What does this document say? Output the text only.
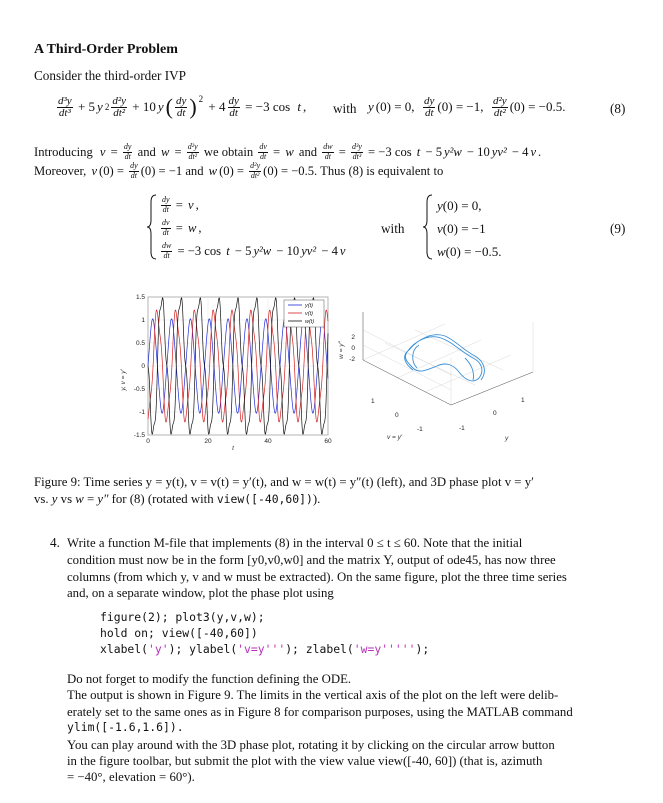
A Third-Order Problem
Consider the third-order IVP
$\frac{\text{d³y}}{\text{dt³}} + 5$ y $2 \frac{\text{d²y}}{\text{dt²}} + 10$ y ( $\frac{dy}{dt}$ ) $2 + 4 \frac{dy}{dt} = -3$ cos
t , with y (0) = 0, $\frac{dy}{dt} (0) = -1$, $\frac{\text{d²y}}{\text{dt²}} (0) = -0.5$.	(8)
Introducing
$v = \frac{dy}{dt}$ and $w = \frac{\text{d²y}}{\text{dt²}}$ we obtain $\frac{dv}{dt} = w$ and $\frac{dw}{dt} = \frac{\text{d³y}}{\text{dt³}} = -3$ cos t − 5 y²w − 10 yv² − 4 v .
Moreover, v $(0) = \frac{dy}{dt} (0) = -1$ and w $(0) = \frac{\text{d²y}}{\text{dt²}} (0) = -0.5$. Thus (8) is equivalent to
$\frac{dy}{dt} = v$ ,
$\frac{dv}{dt} = w$ ,
$\frac{dw}{dt} = -3$ cos t − 5 y²w − 10 yv² − 4 v
with
y(0) = 0,
v(0) = −1
w(0) = −0.5.
(9)
1.5
1
0.5
0
-0.5
-1
-1.5
0	20	40	60
y(t)
v(t)
w(t)
y, v = y′
t
2
0
-2
w = y″
1
0
-1
v = y′
-1
0
1
y
Figure 9: Time series y = y(t), v = v(t) = y′(t), and w = w(t) = y″(t) (left), and 3D phase plot v = y′
vs. y vs w = y″ for (8) (rotated with view([-40,60])).
4. Write a function M-file that implements (8) in the interval 0 ≤ t ≤ 60. Note that the initial
condition must now be in the form [y0,v0,w0] and the matrix Y, output of ode45, has now three
columns (from which y, v and w must be extracted). On the same figure, plot the three time series
and, on a separate window, plot the phase plot using
figure(2); plot3(y,v,w);
hold on; view([-40,60])
xlabel('y'); ylabel('v=y'''); zlabel('w=y''''');
Do not forget to modify the function defining the ODE.
The output is shown in Figure 9. The limits in the vertical axis of the plot on the left were delib-
erately set to the same ones as in Figure 8 for comparison purposes, using the MATLAB command
ylim([-1.6,1.6]).
You can play around with the 3D phase plot, rotating it by clicking on the circular arrow button
in the figure toolbar, but submit the plot with the view value view([-40, 60]) (that is, azimuth
= −40°, elevation = 60°).
